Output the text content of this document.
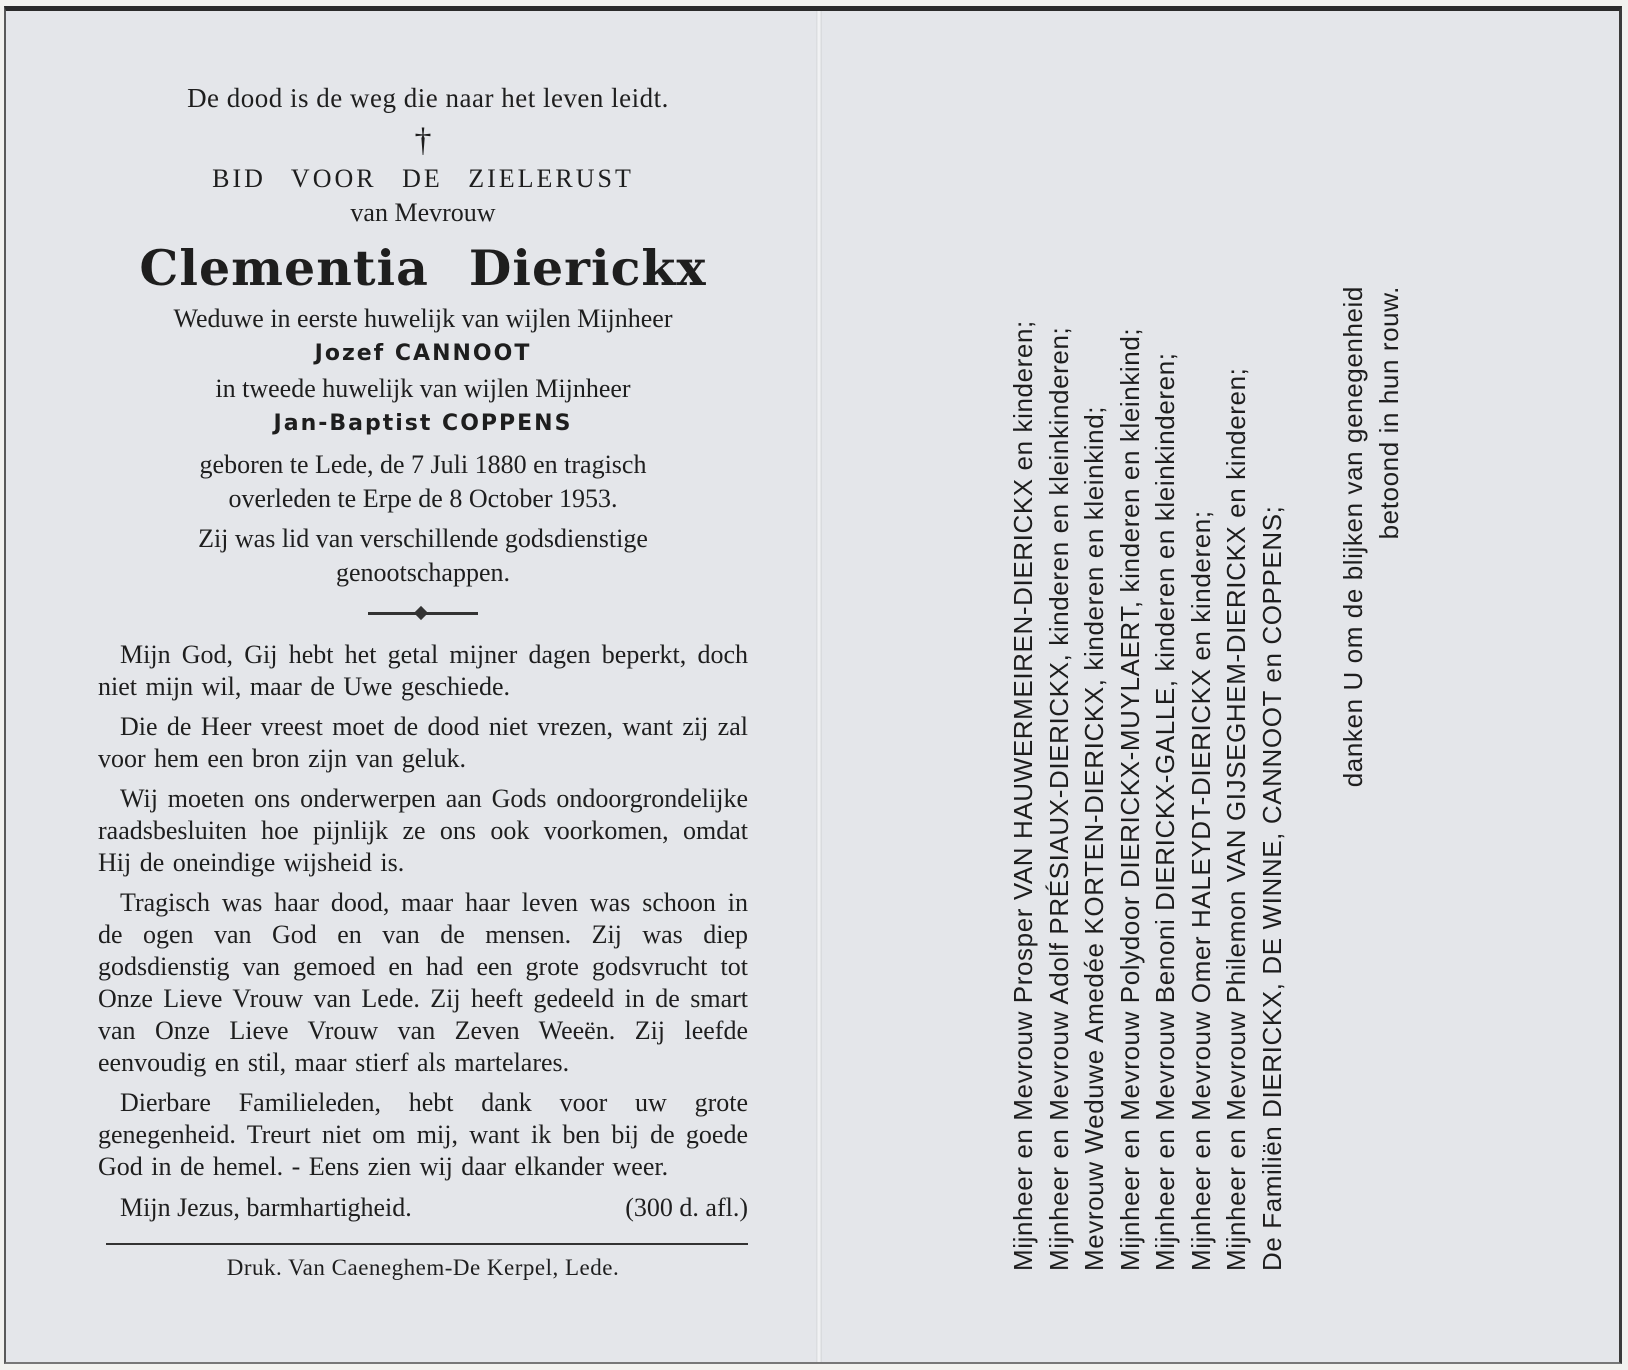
De dood is de weg die naar het leven leidt.
†
BID VOOR DE ZIELERUST
van Mevrouw
Clementia Dierickx
Weduwe in eerste huwelijk van wijlen Mijnheer
Jozef CANNOOT
in tweede huwelijk van wijlen Mijnheer
Jan-Baptist COPPENS
geboren te Lede, de 7 Juli 1880 en tragisch
overleden te Erpe de 8 October 1953.
Zij was lid van verschillende godsdienstige
genootschappen.

Mijn God, Gij hebt het getal mijner dagen beperkt, doch niet mijn wil, maar de Uwe geschiede.

Die de Heer vreest moet de dood niet vrezen, want zij zal voor hem een bron zijn van geluk.

Wij moeten ons onderwerpen aan Gods ondoorgrondelijke raadsbesluiten hoe pijnlijk ze ons ook voorkomen, omdat Hij de oneindige wijsheid is.

Tragisch was haar dood, maar haar leven was schoon in de ogen van God en van de mensen. Zij was diep godsdienstig van gemoed en had een grote godsvrucht tot Onze Lieve Vrouw van Lede. Zij heeft gedeeld in de smart van Onze Lieve Vrouw van Zeven Weeën. Zij leefde eenvoudig en stil, maar stierf als martelares.

Dierbare Familieleden, hebt dank voor uw grote genegenheid. Treurt niet om mij, want ik ben bij de goede God in de hemel. - Eens zien wij daar elkander weer.

Mijn Jezus, barmhartigheid.	(300 d. afl.)
Druk. Van Caeneghem-De Kerpel, Lede.	Mijnheer en Mevrouw Prosper VAN HAUWERMEIREN-DIERICKX en kinderen; Mijnheer en Mevrouw Adolf PRÉSIAUX-DIERICKX, kinderen en kleinkinderen; Mevrouw Weduwe Amedée KORTEN-DIERICKX, kinderen en kleinkind; Mijnheer en Mevrouw Polydoor DIERICKX-MUYLAERT, kinderen en kleinkind; Mijnheer en Mevrouw Benoni DIERICKX-GALLE, kinderen en kleinkinderen; Mijnheer en Mevrouw Omer HALEYDT-DIERICKX en kinderen; Mijnheer en Mevrouw Philemon VAN GIJSEGHEM-DIERICKX en kinderen; De Familiën DIERICKX, DE WINNE, CANNOOT en COPPENS; danken U om de blijken van genegenheid betoond in hun rouw.
